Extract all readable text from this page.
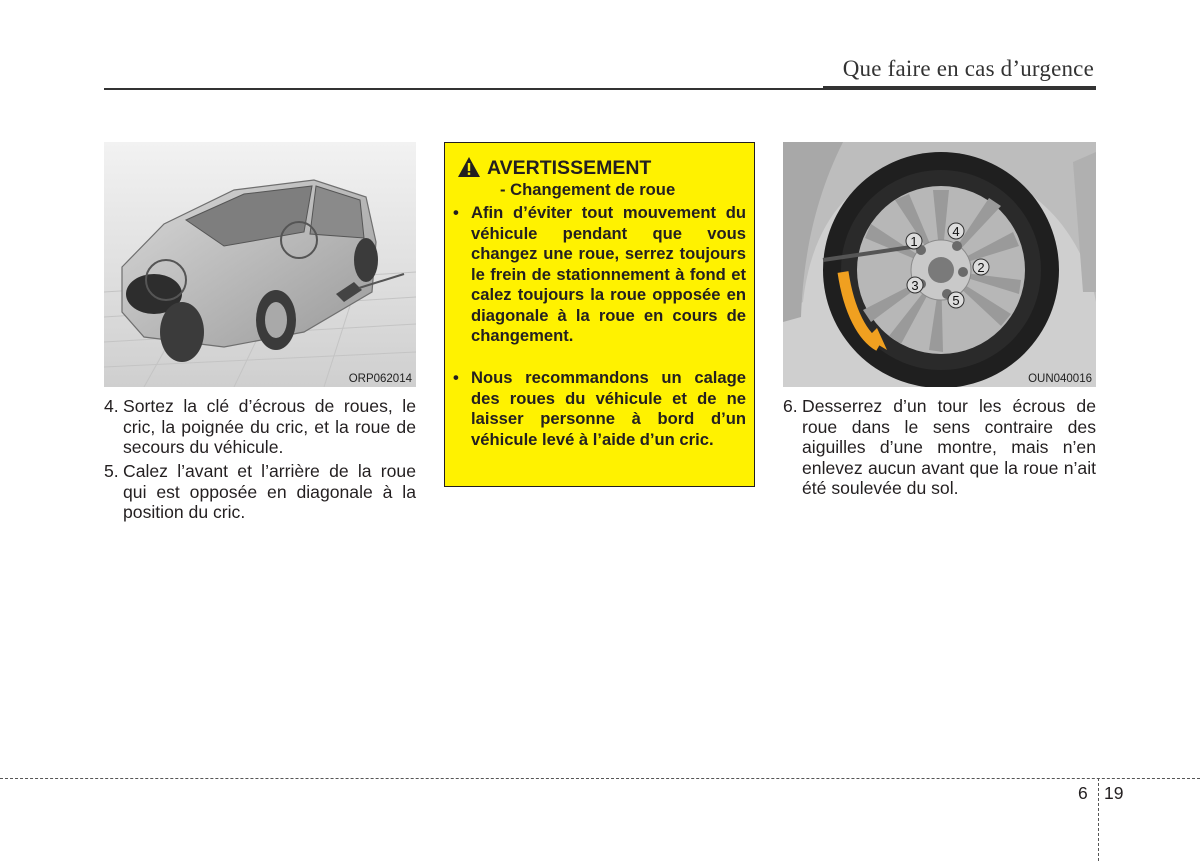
Que faire en cas d’urgence
ORP062014
4. Sortez la clé d’écrous de roues, le cric, la poignée du cric, et la roue de secours du véhicule.
5. Calez l’avant et l’arrière de la roue qui est opposée en diagonale à la position du cric.
AVERTISSEMENT
- Changement de roue
• Afin d’éviter tout mouvement du véhicule pendant que vous changez une roue, serrez toujours le frein de stationnement à fond et calez toujours la roue opposée en diagonale à la roue en cours de changement.
• Nous recommandons un calage des roues du véhicule et de ne laisser personne à bord d’un véhicule levé à l’aide d’un cric.
1
2
3
4
5
OUN040016
6. Desserrez d’un tour les écrous de roue dans le sens contraire des aiguilles d’une montre, mais n’en enlevez aucun avant que la roue n’ait été soulevée du sol.
6 19
